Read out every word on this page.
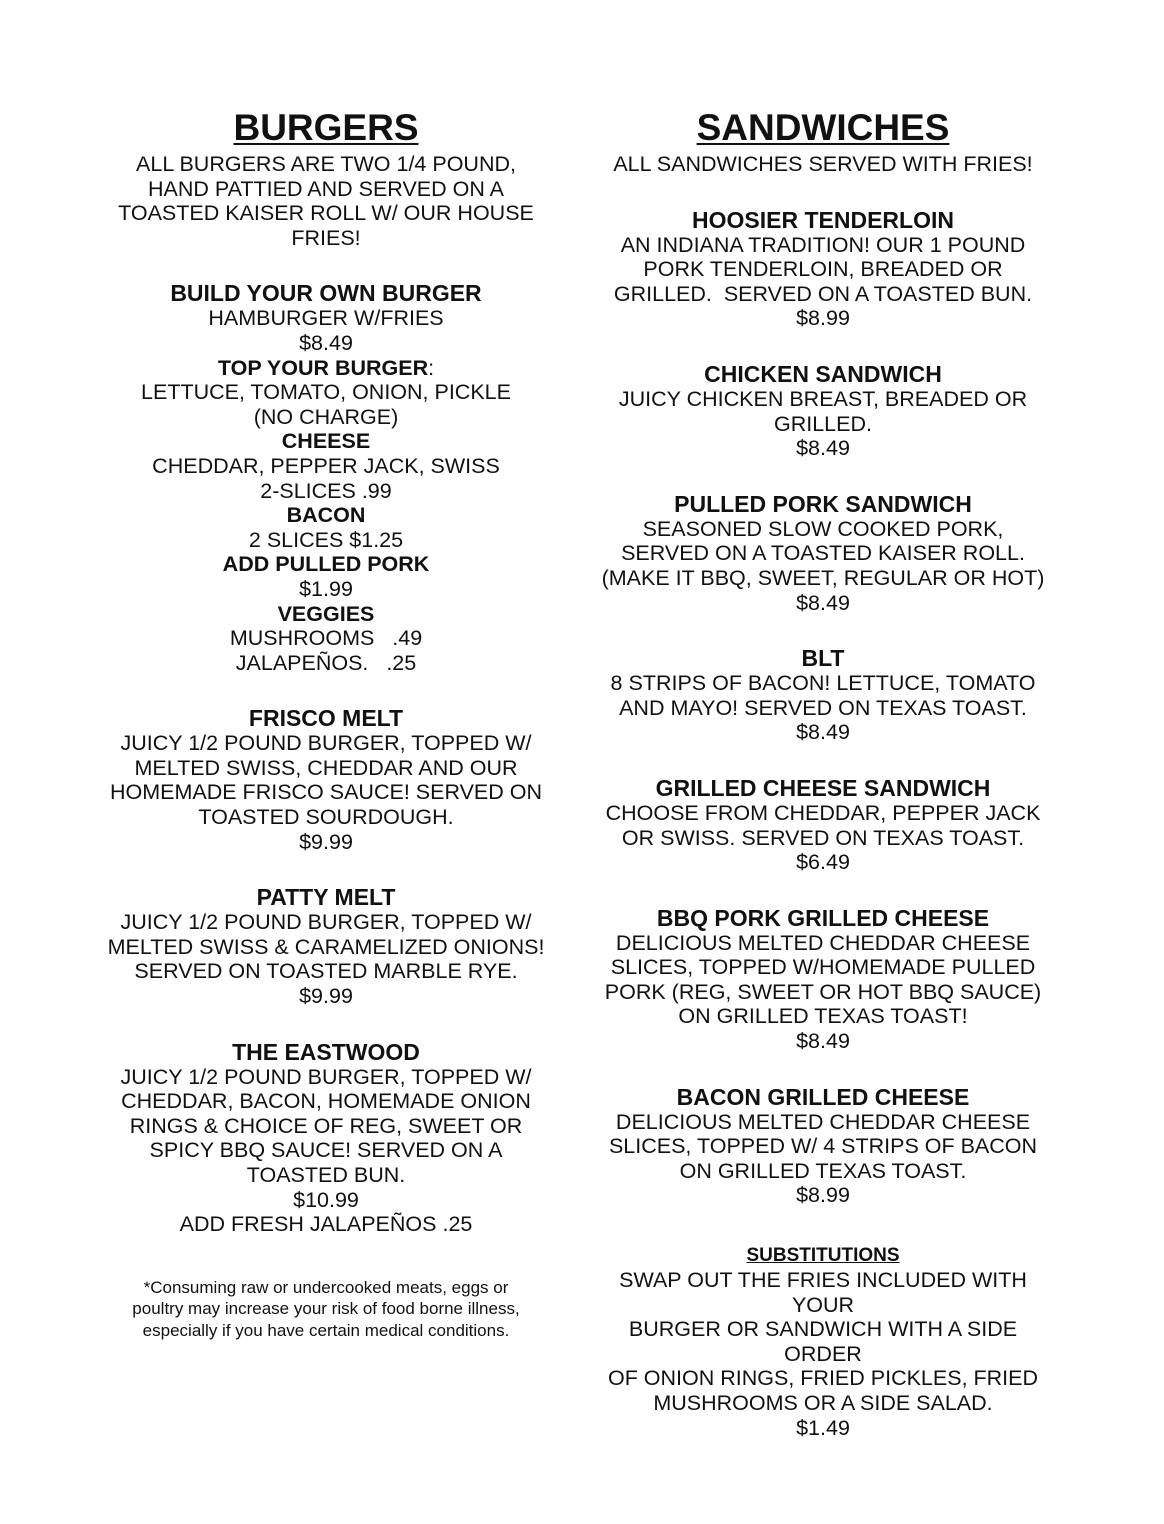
BURGERS
ALL BURGERS ARE TWO 1/4 POUND,
HAND PATTIED AND SERVED ON A
TOASTED KAISER ROLL W/ OUR HOUSE
FRIES!
BUILD YOUR OWN BURGER
HAMBURGER W/FRIES
$8.49
TOP YOUR BURGER:
LETTUCE, TOMATO, ONION, PICKLE
(NO CHARGE)
CHEESE
CHEDDAR, PEPPER JACK, SWISS
2-SLICES .99
BACON
2 SLICES $1.25
ADD PULLED PORK
$1.99
VEGGIES
MUSHROOMS   .49
JALAPEÑOS.   .25
FRISCO MELT
JUICY 1/2 POUND BURGER, TOPPED W/
MELTED SWISS, CHEDDAR AND OUR
HOMEMADE FRISCO SAUCE! SERVED ON
TOASTED SOURDOUGH.
$9.99
PATTY MELT
JUICY 1/2 POUND BURGER, TOPPED W/
MELTED SWISS & CARAMELIZED ONIONS!
SERVED ON TOASTED MARBLE RYE.
$9.99
THE EASTWOOD
JUICY 1/2 POUND BURGER, TOPPED W/
CHEDDAR, BACON, HOMEMADE ONION
RINGS & CHOICE OF REG, SWEET OR
SPICY BBQ SAUCE! SERVED ON A
TOASTED BUN.
$10.99
ADD FRESH JALAPEÑOS .25
*Consuming raw or undercooked meats, eggs or
poultry may increase your risk of food borne illness,
especially if you have certain medical conditions.
SANDWICHES
ALL SANDWICHES SERVED WITH FRIES!
HOOSIER TENDERLOIN
AN INDIANA TRADITION! OUR 1 POUND
PORK TENDERLOIN, BREADED OR
GRILLED.  SERVED ON A TOASTED BUN.
$8.99
CHICKEN SANDWICH
JUICY CHICKEN BREAST, BREADED OR
GRILLED.
$8.49
PULLED PORK SANDWICH
SEASONED SLOW COOKED PORK,
SERVED ON A TOASTED KAISER ROLL.
(MAKE IT BBQ, SWEET, REGULAR OR HOT)
$8.49
BLT
8 STRIPS OF BACON! LETTUCE, TOMATO
AND MAYO! SERVED ON TEXAS TOAST.
$8.49
GRILLED CHEESE SANDWICH
CHOOSE FROM CHEDDAR, PEPPER JACK
OR SWISS. SERVED ON TEXAS TOAST.
$6.49
BBQ PORK GRILLED CHEESE
DELICIOUS MELTED CHEDDAR CHEESE
SLICES, TOPPED W/HOMEMADE PULLED
PORK (REG, SWEET OR HOT BBQ SAUCE)
ON GRILLED TEXAS TOAST!
$8.49
BACON GRILLED CHEESE
DELICIOUS MELTED CHEDDAR CHEESE
SLICES, TOPPED W/ 4 STRIPS OF BACON
ON GRILLED TEXAS TOAST.
$8.99
SUBSTITUTIONS
SWAP OUT THE FRIES INCLUDED WITH YOUR
BURGER OR SANDWICH WITH A SIDE ORDER
OF ONION RINGS, FRIED PICKLES, FRIED
MUSHROOMS OR A SIDE SALAD.
$1.49
